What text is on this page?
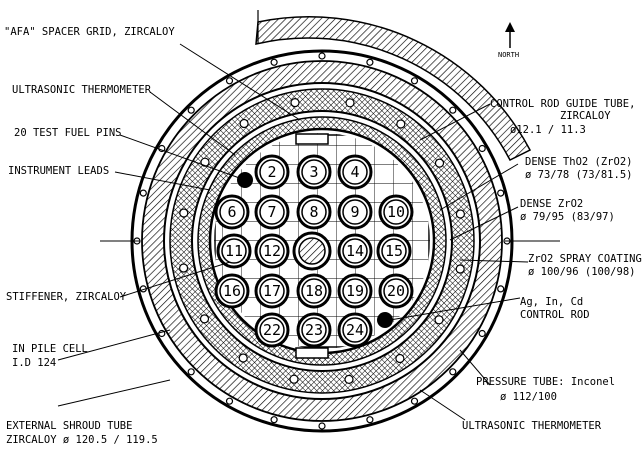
NORTH
2 3 4
6 7 8 9 10
11 12	14 15
16 17 18 19 20
22 23 24
"AFA" SPACER GRID, ZIRCALOY
ULTRASONIC THERMOMETER
20 TEST FUEL PINS
INSTRUMENT LEADS
STIFFENER, ZIRCALOY
IN PILE CELL
I.D 124
EXTERNAL SHROUD TUBE
ZIRCALOY ø 120.5 / 119.5
CONTROL ROD GUIDE TUBE,
ZIRCALOY
ø12.1 / 11.3
DENSE ThO2 (ZrO2)
ø 73/78 (73/81.5)
DENSE ZrO2
ø 79/95 (83/97)
ZrO2 SPRAY COATING
ø 100/96 (100/98)
Ag, In, Cd
CONTROL ROD
PRESSURE TUBE: Inconel
ø 112/100
ULTRASONIC THERMOMETER
